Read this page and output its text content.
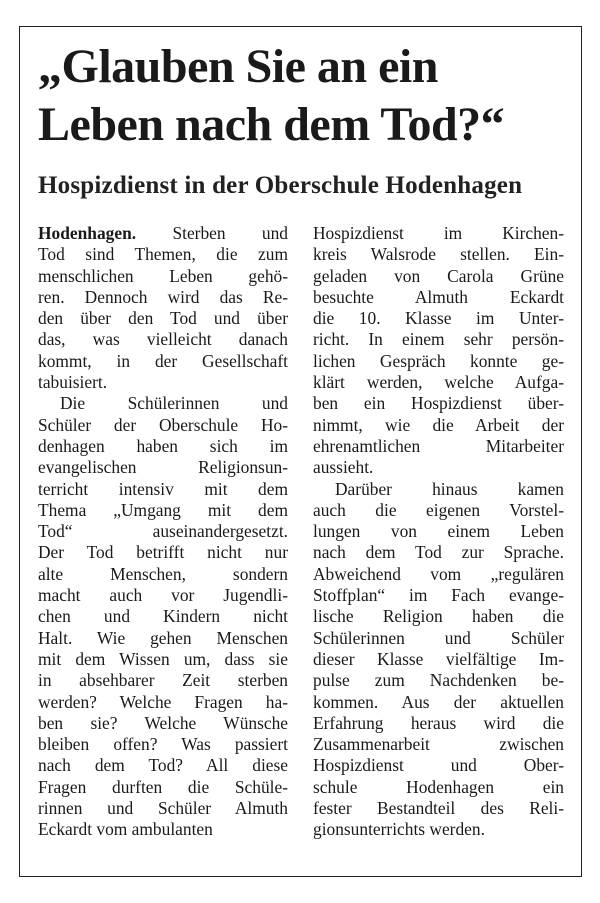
„Glauben Sie an ein
Leben nach dem Tod?“
Hospizdienst in der Oberschule Hodenhagen
Hodenhagen. Sterben und
Tod sind Themen, die zum
menschlichen Leben gehö-
ren. Dennoch wird das Re-
den über den Tod und über
das, was vielleicht danach
kommt, in der Gesellschaft
tabuisiert.
Die Schülerinnen und
Schüler der Oberschule Ho-
denhagen haben sich im
evangelischen Religionsun-
terricht intensiv mit dem
Thema „Umgang mit dem
Tod“ auseinandergesetzt.
Der Tod betrifft nicht nur
alte Menschen, sondern
macht auch vor Jugendli-
chen und Kindern nicht
Halt. Wie gehen Menschen
mit dem Wissen um, dass sie
in absehbarer Zeit sterben
werden? Welche Fragen ha-
ben sie? Welche Wünsche
bleiben offen? Was passiert
nach dem Tod? All diese
Fragen durften die Schüle-
rinnen und Schüler Almuth
Eckardt vom ambulanten
Hospizdienst im Kirchen-
kreis Walsrode stellen. Ein-
geladen von Carola Grüne
besuchte Almuth Eckardt
die 10. Klasse im Unter-
richt. In einem sehr persön-
lichen Gespräch konnte ge-
klärt werden, welche Aufga-
ben ein Hospizdienst über-
nimmt, wie die Arbeit der
ehrenamtlichen Mitarbeiter
aussieht.
Darüber hinaus kamen
auch die eigenen Vorstel-
lungen von einem Leben
nach dem Tod zur Sprache.
Abweichend vom „regulären
Stoffplan“ im Fach evange-
lische Religion haben die
Schülerinnen und Schüler
dieser Klasse vielfältige Im-
pulse zum Nachdenken be-
kommen. Aus der aktuellen
Erfahrung heraus wird die
Zusammenarbeit zwischen
Hospizdienst und Ober-
schule Hodenhagen ein
fester Bestandteil des Reli-
gionsunterrichts werden.
